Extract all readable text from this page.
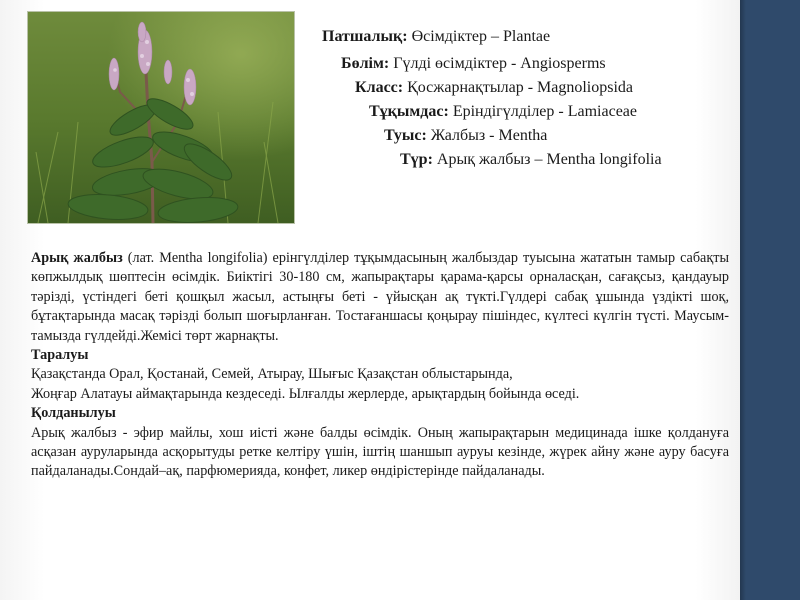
Патшалық: Өсімдіктер – Plantae
Бөлім: Гүлді өсімдіктер - Angiosperms
Класс: Қосжарнақтылар - Magnoliopsida
Тұқымдас: Еріндігүлділер - Lamiaceae
Туыс: Жалбыз - Mentha
Түр: Арық жалбыз – Mentha longifolia

Арық жалбыз (лат. Mentha longifolia) ерінгүлділер тұқымдасының жалбыздар туысына жататын тамыр сабақты көпжылдық шөптесін өсімдік. Биіктігі 30-180 см, жапырақтары қарама-қарсы орналасқан, сағақсыз, қандауыр тәрізді, үстіндегі беті қошқыл жасыл, астыңғы беті - үйысқан ақ түкті.Гүлдері сабақ ұшында үздікті шоқ, бұтақтарында масақ тәрізді болып шоғырланған. Тостағаншасы қоңырау пішіндес, күлтесі күлгін түсті. Маусым-тамызда гүлдейді.Жемісі төрт жарнақты.

Таралуы

Қазақстанда Орал, Қостанай, Семей, Атырау, Шығыс Қазақстан облыстарында,

Жоңғар Алатауы аймақтарында кездеседі. Ылғалды жерлерде, арықтардың бойында өседі.

Қолданылуы

Арық жалбыз - эфир майлы, хош иісті және балды өсімдік. Оның жапырақтарын медицинада ішке қолдануға асқазан ауруларында асқорытуды ретке келтіру үшін, іштің шаншып ауруы кезінде, жүрек айну және ауру басуға пайдаланады.Сондай–ақ, парфюмерияда, конфет, ликер өндірістерінде пайдаланады.
